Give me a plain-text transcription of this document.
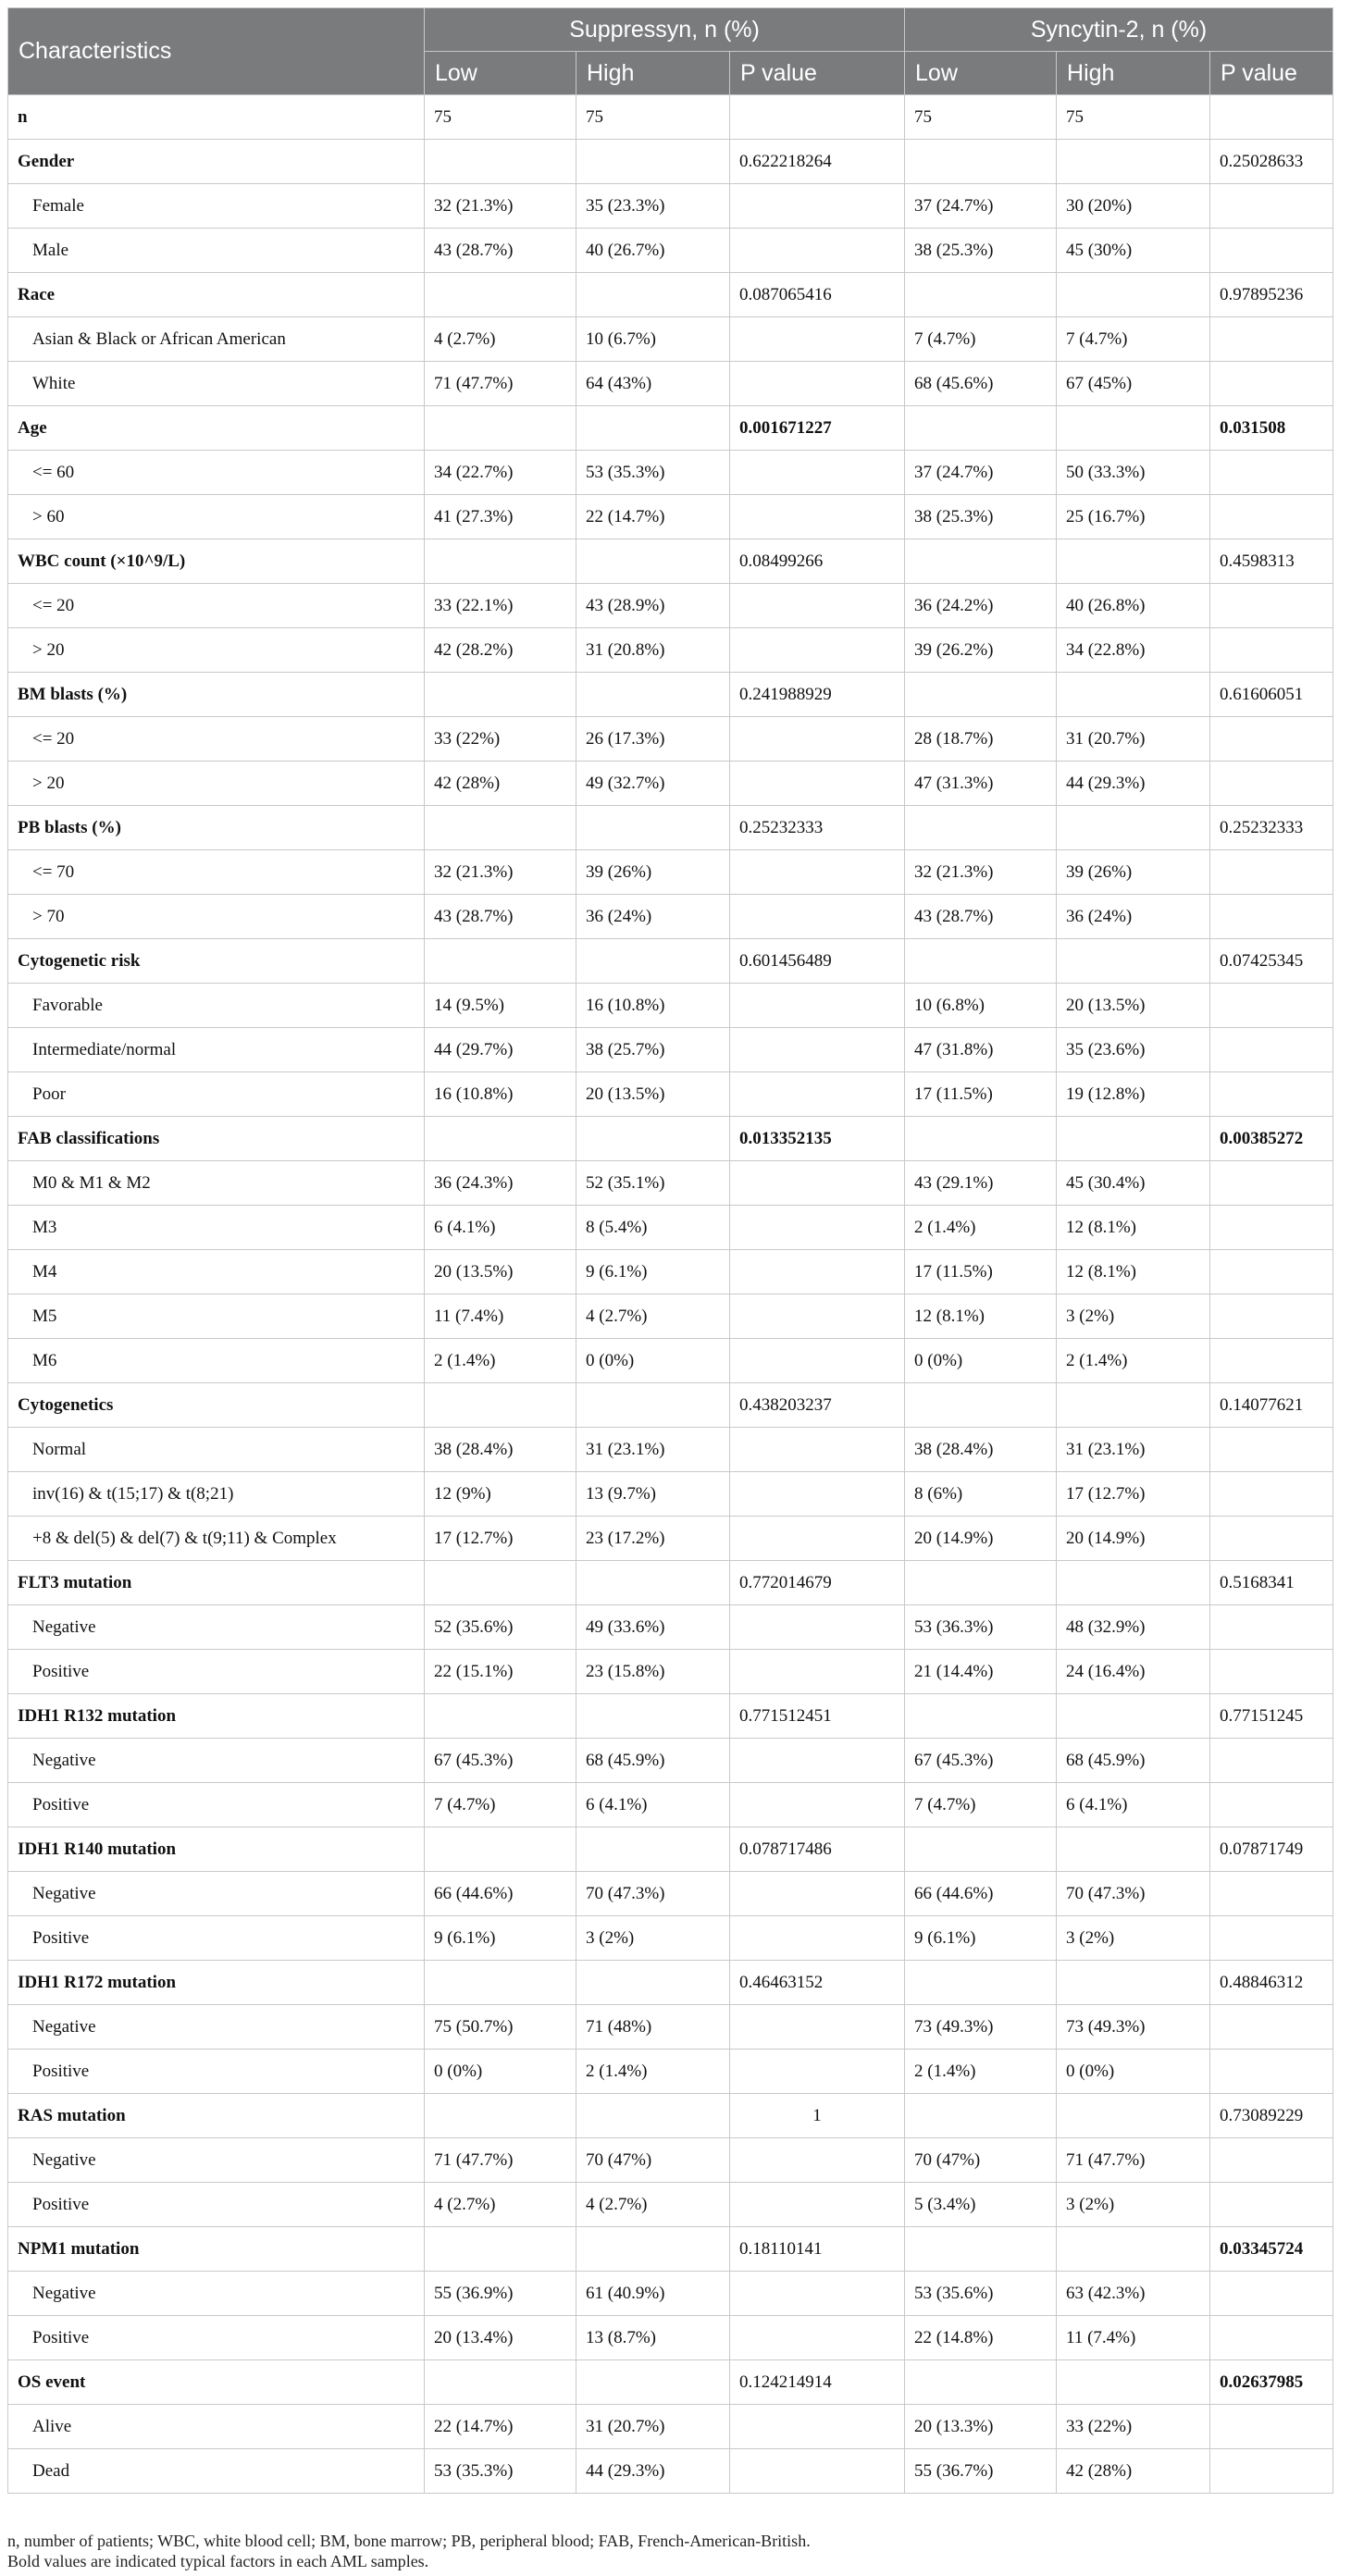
Characteristics	Suppressyn, n (%)			Syncytin-2, n (%)		
	Low	High	P value	Low	High	P value
n	75	75		75	75	
Gender			0.622218264			0.25028633
Female	32 (21.3%)	35 (23.3%)		37 (24.7%)	30 (20%)	
Male	43 (28.7%)	40 (26.7%)		38 (25.3%)	45 (30%)	
Race			0.087065416			0.97895236
Asian & Black or African American	4 (2.7%)	10 (6.7%)		7 (4.7%)	7 (4.7%)	
White	71 (47.7%)	64 (43%)		68 (45.6%)	67 (45%)	
Age			0.001671227			0.031508
<= 60	34 (22.7%)	53 (35.3%)		37 (24.7%)	50 (33.3%)	
> 60	41 (27.3%)	22 (14.7%)		38 (25.3%)	25 (16.7%)	
WBC count (×10^9/L)			0.08499266			0.4598313
<= 20	33 (22.1%)	43 (28.9%)		36 (24.2%)	40 (26.8%)	
> 20	42 (28.2%)	31 (20.8%)		39 (26.2%)	34 (22.8%)	
BM blasts (%)			0.241988929			0.61606051
<= 20	33 (22%)	26 (17.3%)		28 (18.7%)	31 (20.7%)	
> 20	42 (28%)	49 (32.7%)		47 (31.3%)	44 (29.3%)	
PB blasts (%)			0.25232333			0.25232333
<= 70	32 (21.3%)	39 (26%)		32 (21.3%)	39 (26%)	
> 70	43 (28.7%)	36 (24%)		43 (28.7%)	36 (24%)	
Cytogenetic risk			0.601456489			0.07425345
Favorable	14 (9.5%)	16 (10.8%)		10 (6.8%)	20 (13.5%)	
Intermediate/normal	44 (29.7%)	38 (25.7%)		47 (31.8%)	35 (23.6%)	
Poor	16 (10.8%)	20 (13.5%)		17 (11.5%)	19 (12.8%)	
FAB classifications			0.013352135			0.00385272
M0 & M1 & M2	36 (24.3%)	52 (35.1%)		43 (29.1%)	45 (30.4%)	
M3	6 (4.1%)	8 (5.4%)		2 (1.4%)	12 (8.1%)	
M4	20 (13.5%)	9 (6.1%)		17 (11.5%)	12 (8.1%)	
M5	11 (7.4%)	4 (2.7%)		12 (8.1%)	3 (2%)	
M6	2 (1.4%)	0 (0%)		0 (0%)	2 (1.4%)	
Cytogenetics			0.438203237			0.14077621
Normal	38 (28.4%)	31 (23.1%)		38 (28.4%)	31 (23.1%)	
inv(16) & t(15;17) & t(8;21)	12 (9%)	13 (9.7%)		8 (6%)	17 (12.7%)	
+8 & del(5) & del(7) & t(9;11) & Complex	17 (12.7%)	23 (17.2%)		20 (14.9%)	20 (14.9%)	
FLT3 mutation			0.772014679			0.5168341
Negative	52 (35.6%)	49 (33.6%)		53 (36.3%)	48 (32.9%)	
Positive	22 (15.1%)	23 (15.8%)		21 (14.4%)	24 (16.4%)	
IDH1 R132 mutation			0.771512451			0.77151245
Negative	67 (45.3%)	68 (45.9%)		67 (45.3%)	68 (45.9%)	
Positive	7 (4.7%)	6 (4.1%)		7 (4.7%)	6 (4.1%)	
IDH1 R140 mutation			0.078717486			0.07871749
Negative	66 (44.6%)	70 (47.3%)		66 (44.6%)	70 (47.3%)	
Positive	9 (6.1%)	3 (2%)		9 (6.1%)	3 (2%)	
IDH1 R172 mutation			0.46463152			0.48846312
Negative	75 (50.7%)	71 (48%)		73 (49.3%)	73 (49.3%)	
Positive	0 (0%)	2 (1.4%)		2 (1.4%)	0 (0%)	
RAS mutation			1			0.73089229
Negative	71 (47.7%)	70 (47%)		70 (47%)	71 (47.7%)	
Positive	4 (2.7%)	4 (2.7%)		5 (3.4%)	3 (2%)	
NPM1 mutation			0.18110141			0.03345724
Negative	55 (36.9%)	61 (40.9%)		53 (35.6%)	63 (42.3%)	
Positive	20 (13.4%)	13 (8.7%)		22 (14.8%)	11 (7.4%)	
OS event			0.124214914			0.02637985
Alive	22 (14.7%)	31 (20.7%)		20 (13.3%)	33 (22%)	
Dead	53 (35.3%)	44 (29.3%)		55 (36.7%)	42 (28%)	
n, number of patients; WBC, white blood cell; BM, bone marrow; PB, peripheral blood; FAB, French-American-British.
Bold values are indicated typical factors in each AML samples.
